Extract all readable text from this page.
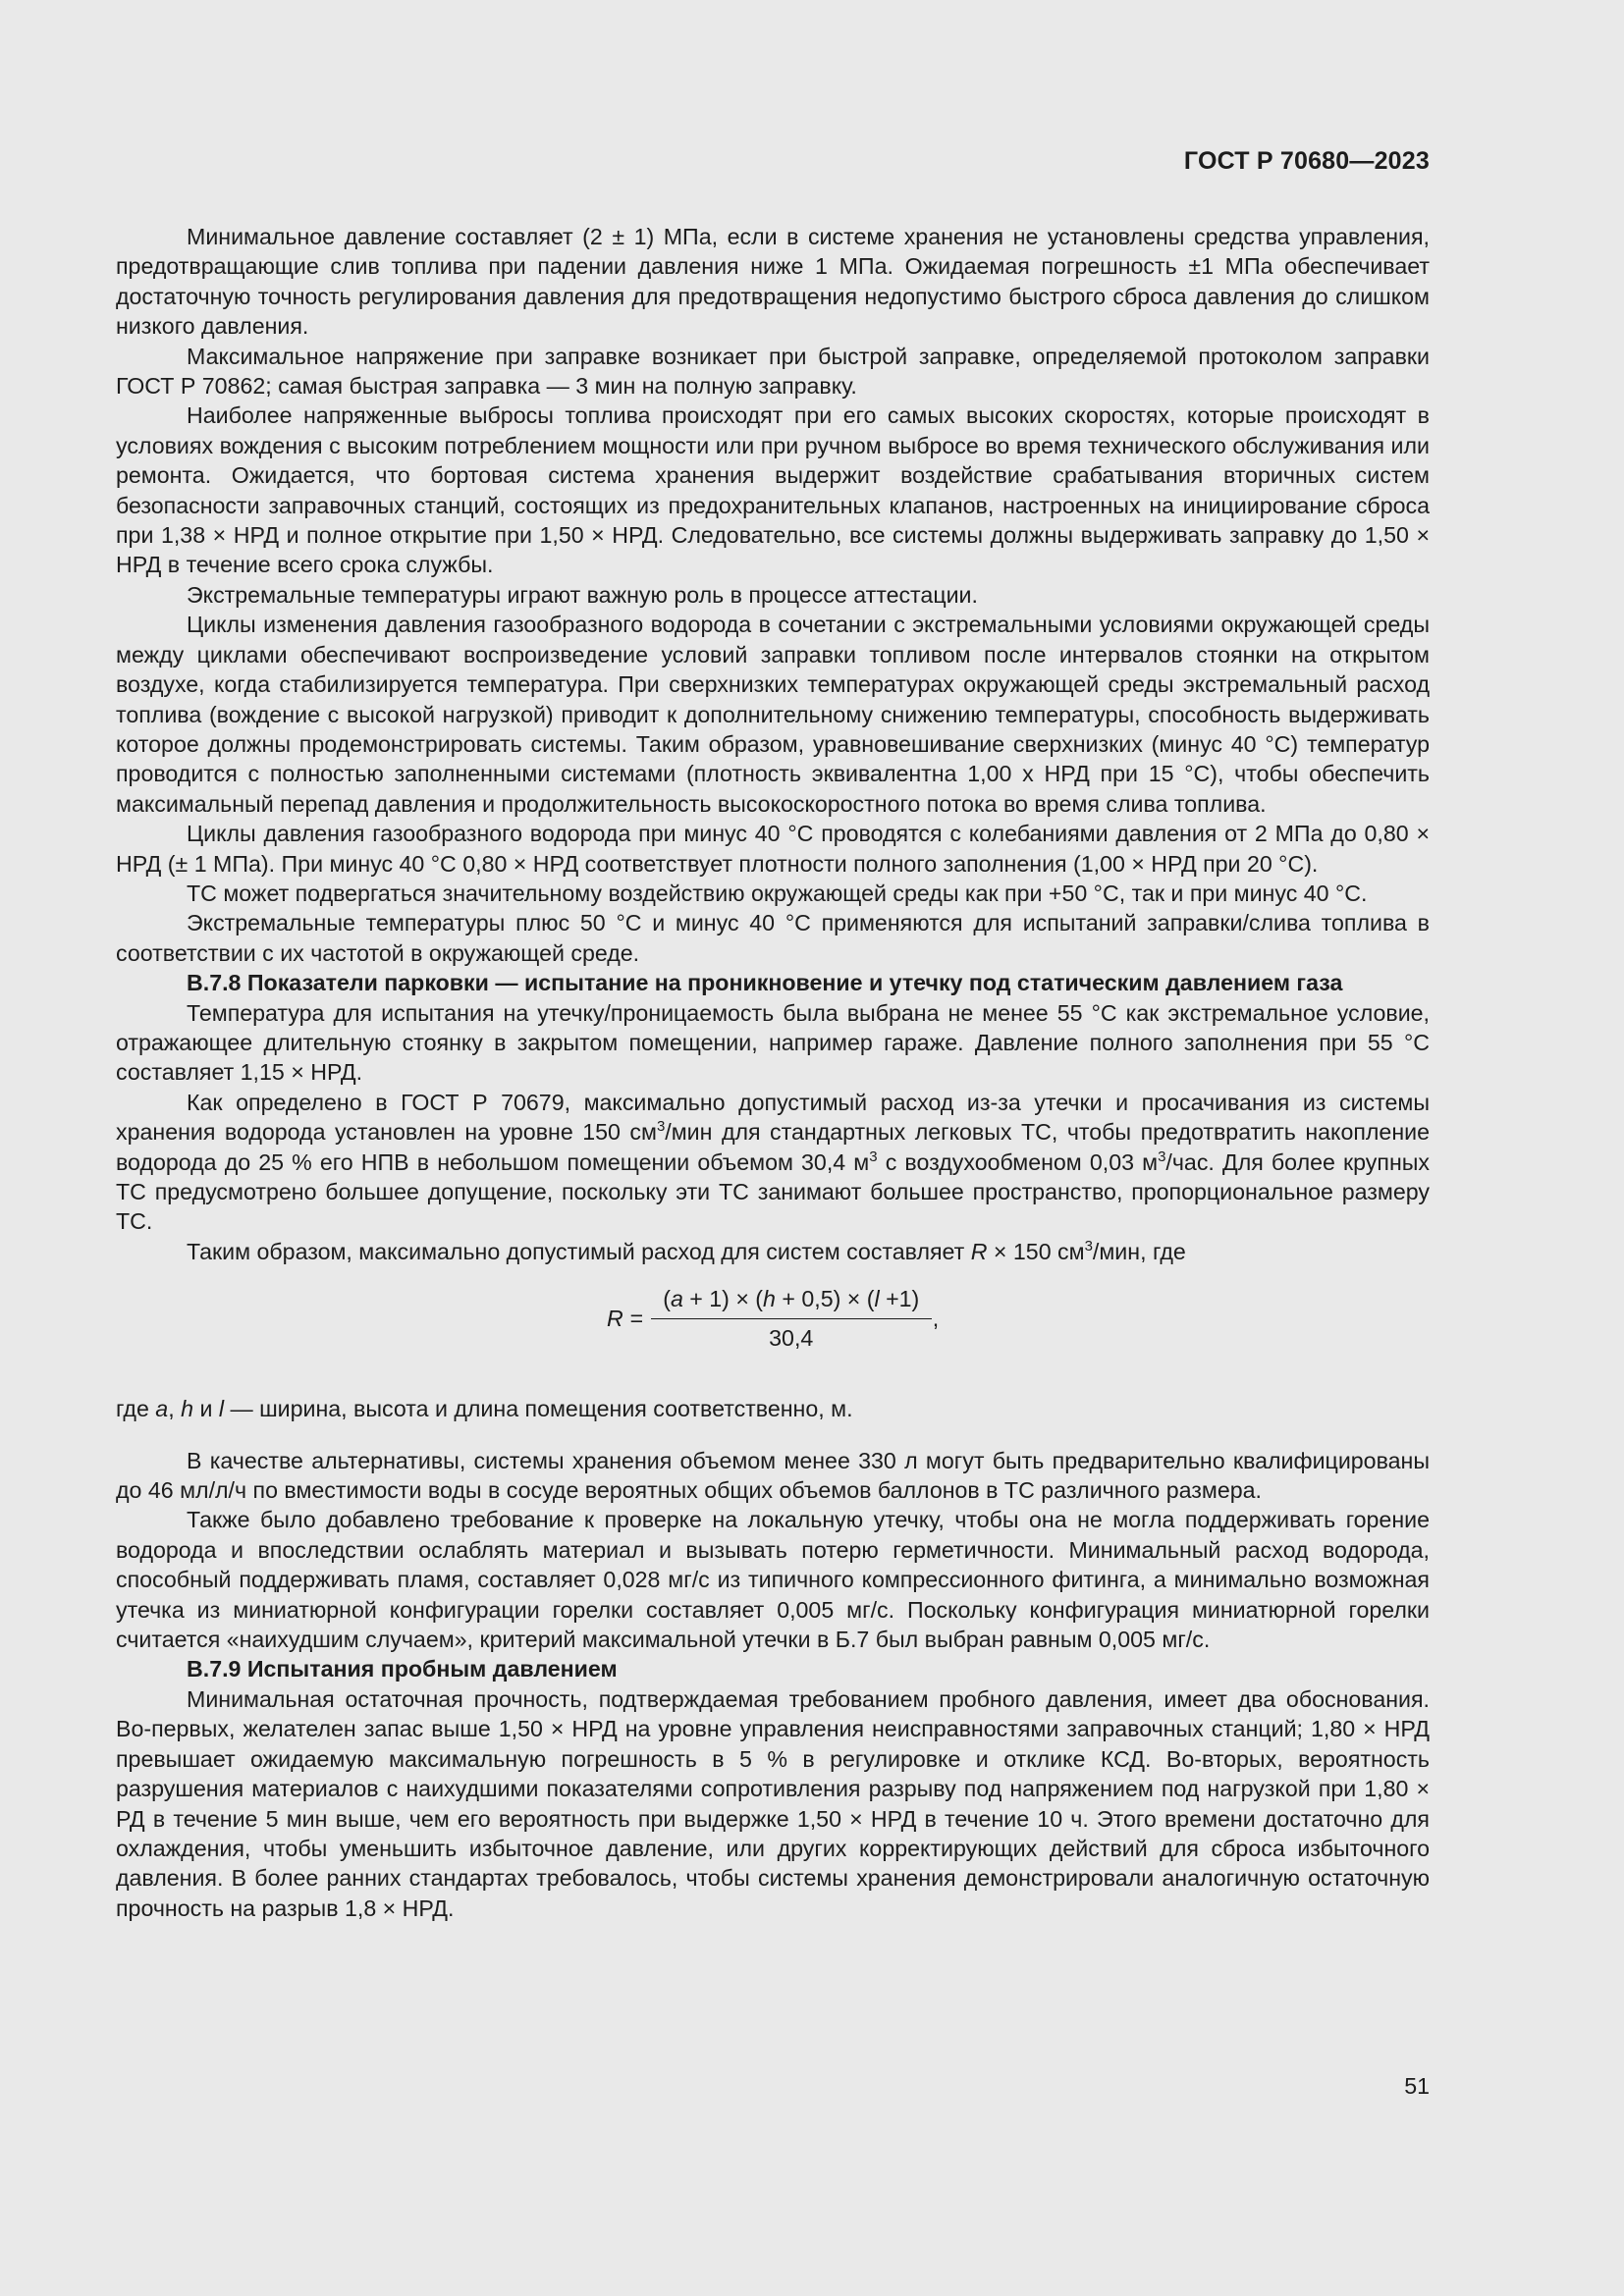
ГОСТ Р 70680—2023

Минимальное давление составляет (2 ± 1) МПа, если в системе хранения не установлены средства управления, предотвращающие слив топлива при падении давления ниже 1 МПа. Ожидаемая погрешность ±1 МПа обеспечивает достаточную точность регулирования давления для предотвращения недопустимо быстрого сброса давления до слишком низкого давления.

Максимальное напряжение при заправке возникает при быстрой заправке, определяемой протоколом заправки ГОСТ Р 70862; самая быстрая заправка — 3 мин на полную заправку.

Наиболее напряженные выбросы топлива происходят при его самых высоких скоростях, которые происходят в условиях вождения с высоким потреблением мощности или при ручном выбросе во время технического обслуживания или ремонта. Ожидается, что бортовая система хранения выдержит воздействие срабатывания вторичных систем безопасности заправочных станций, состоящих из предохранительных клапанов, настроенных на инициирование сброса при 1,38 × НРД и полное открытие при 1,50 × НРД. Следовательно, все системы должны выдерживать заправку до 1,50 × НРД в течение всего срока службы.

Экстремальные температуры играют важную роль в процессе аттестации.

Циклы изменения давления газообразного водорода в сочетании с экстремальными условиями окружающей среды между циклами обеспечивают воспроизведение условий заправки топливом после интервалов стоянки на открытом воздухе, когда стабилизируется температура. При сверхнизких температурах окружающей среды экстремальный расход топлива (вождение с высокой нагрузкой) приводит к дополнительному снижению температуры, способность выдерживать которое должны продемонстрировать системы. Таким образом, уравновешивание сверхнизких (минус 40 °С) температур проводится с полностью заполненными системами (плотность эквивалентна 1,00 х НРД при 15 °С), чтобы обеспечить максимальный перепад давления и продолжительность высокоскоростного потока во время слива топлива.

Циклы давления газообразного водорода при минус 40 °С проводятся с колебаниями давления от 2 МПа до 0,80 × НРД (± 1 МПа). При минус 40 °С 0,80 × НРД соответствует плотности полного заполнения (1,00 × НРД при 20 °С).

ТС может подвергаться значительному воздействию окружающей среды как при +50 °С, так и при минус 40 °С.

Экстремальные температуры плюс 50 °С и минус 40 °С применяются для испытаний заправки/слива топлива в соответствии с их частотой в окружающей среде.

В.7.8 Показатели парковки — испытание на проникновение и утечку под статическим давлением газа

Температура для испытания на утечку/проницаемость была выбрана не менее 55 °С как экстремальное условие, отражающее длительную стоянку в закрытом помещении, например гараже. Давление полного заполнения при 55 °С составляет 1,15 × НРД.

Как определено в ГОСТ Р 70679, максимально допустимый расход из-за утечки и просачивания из системы хранения водорода установлен на уровне 150 $см^3$/мин для стандартных легковых ТС, чтобы предотвратить накопление водорода до 25 % его НПВ в небольшом помещении объемом 30,4 $м^3$ с воздухообменом 0,03 $м^3$/час. Для более крупных ТС предусмотрено большее допущение, поскольку эти ТС занимают большее пространство, пропорциональное размеру ТС.

Таким образом, максимально допустимый расход для систем составляет R × 150 $см^3$/мин, где

$R = \frac{(a + 1) \times (h + 0,5) \times (l +1)}{30,4}$ ,

где a, h и l — ширина, высота и длина помещения соответственно, м.

В качестве альтернативы, системы хранения объемом менее 330 л могут быть предварительно квалифицированы до 46 мл/л/ч по вместимости воды в сосуде вероятных общих объемов баллонов в ТС различного размера.

Также было добавлено требование к проверке на локальную утечку, чтобы она не могла поддерживать горение водорода и впоследствии ослаблять материал и вызывать потерю герметичности. Минимальный расход водорода, способный поддерживать пламя, составляет 0,028 мг/с из типичного компрессионного фитинга, а минимально возможная утечка из миниатюрной конфигурации горелки составляет 0,005 мг/с. Поскольку конфигурация миниатюрной горелки считается «наихудшим случаем», критерий максимальной утечки в Б.7 был выбран равным 0,005 мг/с.

В.7.9 Испытания пробным давлением

Минимальная остаточная прочность, подтверждаемая требованием пробного давления, имеет два обоснования. Во-первых, желателен запас выше 1,50 × НРД на уровне управления неисправностями заправочных станций; 1,80 × НРД превышает ожидаемую максимальную погрешность в 5 % в регулировке и отклике КСД. Во-вторых, вероятность разрушения материалов с наихудшими показателями сопротивления разрыву под напряжением под нагрузкой при 1,80 × РД в течение 5 мин выше, чем его вероятность при выдержке 1,50 × НРД в течение 10 ч. Этого времени достаточно для охлаждения, чтобы уменьшить избыточное давление, или других корректирующих действий для сброса избыточного давления. В более ранних стандартах требовалось, чтобы системы хранения демонстрировали аналогичную остаточную прочность на разрыв 1,8 × НРД.

51
